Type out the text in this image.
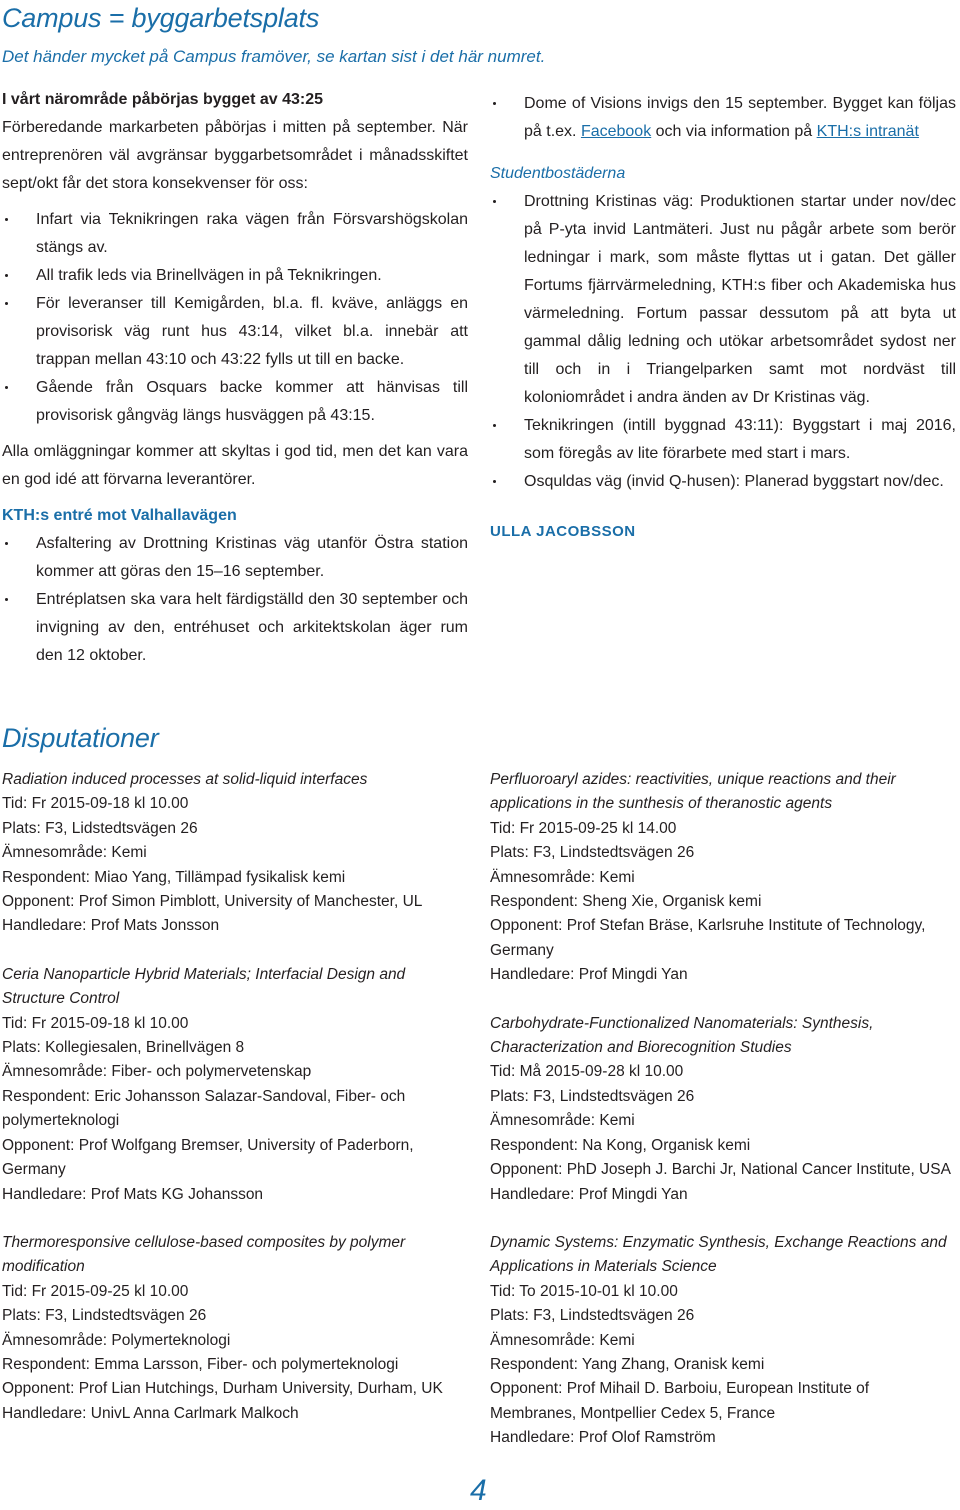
Campus = byggarbetsplats
Det händer mycket på Campus framöver, se kartan sist i det här numret.

I vårt närområde påbörjas bygget av 43:25

Förberedande markarbeten påbörjas i mitten på september. När entreprenören väl avgränsar byggarbetsområdet i månadsskiftet sept/okt får det stora konsekvenser för oss:

Infart via Teknikringen raka vägen från Försvarshögskolan stängs av.
All trafik leds via Brinellvägen in på Teknikringen.
För leveranser till Kemigården, bl.a. fl. kväve, anläggs en provisorisk väg runt hus 43:14, vilket bl.a. innebär att trappan mellan 43:10 och 43:22 fylls ut till en backe.
Gående från Osquars backe kommer att hänvisas till provisorisk gångväg längs husväggen på 43:15.

Alla omläggningar kommer att skyltas i god tid, men det kan vara en god idé att förvarna leverantörer.

KTH:s entré mot Valhallavägen

Asfaltering av Drottning Kristinas väg utanför Östra station kommer att göras den 15–16 september.
Entréplatsen ska vara helt färdigställd den 30 september och invigning av den, entréhuset och arkitektskolan äger rum den 12 oktober.
Dome of Visions invigs den 15 september. Bygget kan följas på t.ex. Facebook och via information på KTH:s intranät

Studentbostäderna

Drottning Kristinas väg: Produktionen startar under nov/dec på P-yta invid Lantmäteri. Just nu pågår arbete som berör ledningar i mark, som måste flyttas ut i gatan. Det gäller Fortums fjärrvärmeledning, KTH:s fiber och Akademiska hus värmeledning. Fortum passar dessutom på att byta ut gammal dålig ledning och utökar arbetsområdet sydost ner till och in i Triangelparken samt mot nordväst till koloniområdet i andra änden av Dr Kristinas väg.
Teknikringen (intill byggnad 43:11): Byggstart i maj 2016, som föregås av lite förarbete med start i mars.
Osquldas väg (invid Q-husen): Planerad byggstart nov/dec.

ULLA JACOBSSON

Disputationer

Radiation induced processes at solid-liquid interfaces

Tid: Fr 2015-09-18 kl 10.00

Plats: F3, Lidstedtsvägen 26

Ämnesområde: Kemi

Respondent: Miao Yang, Tillämpad fysikalisk kemi

Opponent: Prof Simon Pimblott, University of Manchester, UL

Handledare: Prof Mats Jonsson

Ceria Nanoparticle Hybrid Materials; Interfacial Design and Structure Control

Tid: Fr 2015-09-18 kl 10.00

Plats: Kollegiesalen, Brinellvägen 8

Ämnesområde: Fiber- och polymervetenskap

Respondent: Eric Johansson Salazar-Sandoval, Fiber- och polymerteknologi

Opponent: Prof Wolfgang Bremser, University of Paderborn, Germany

Handledare: Prof Mats KG Johansson

Thermoresponsive cellulose-based composites by polymer modification

Tid: Fr 2015-09-25 kl 10.00

Plats: F3, Lindstedtsvägen 26

Ämnesområde: Polymerteknologi

Respondent: Emma Larsson, Fiber- och polymerteknologi

Opponent: Prof Lian Hutchings, Durham University, Durham, UK

Handledare: UnivL Anna Carlmark Malkoch

Perfluoroaryl azides: reactivities, unique reactions and their applications in the sunthesis of theranostic agents

Tid: Fr 2015-09-25 kl 14.00

Plats: F3, Lindstedtsvägen 26

Ämnesområde: Kemi

Respondent: Sheng Xie, Organisk kemi

Opponent: Prof Stefan Bräse, Karlsruhe Institute of Technology, Germany

Handledare: Prof Mingdi Yan

Carbohydrate-Functionalized Nanomaterials: Synthesis, Characterization and Biorecognition Studies

Tid: Må 2015-09-28 kl 10.00

Plats: F3, Lindstedtsvägen 26

Ämnesområde: Kemi

Respondent: Na Kong, Organisk kemi

Opponent: PhD Joseph J. Barchi Jr, National Cancer Institute, USA

Handledare: Prof Mingdi Yan

Dynamic Systems: Enzymatic Synthesis, Exchange Reactions and Applications in Materials Science

Tid: To 2015-10-01 kl 10.00

Plats: F3, Lindstedtsvägen 26

Ämnesområde: Kemi

Respondent: Yang Zhang, Oranisk kemi

Opponent: Prof Mihail D. Barboiu, European Institute of Membranes, Montpellier Cedex 5, France

Handledare: Prof Olof Ramström

4
